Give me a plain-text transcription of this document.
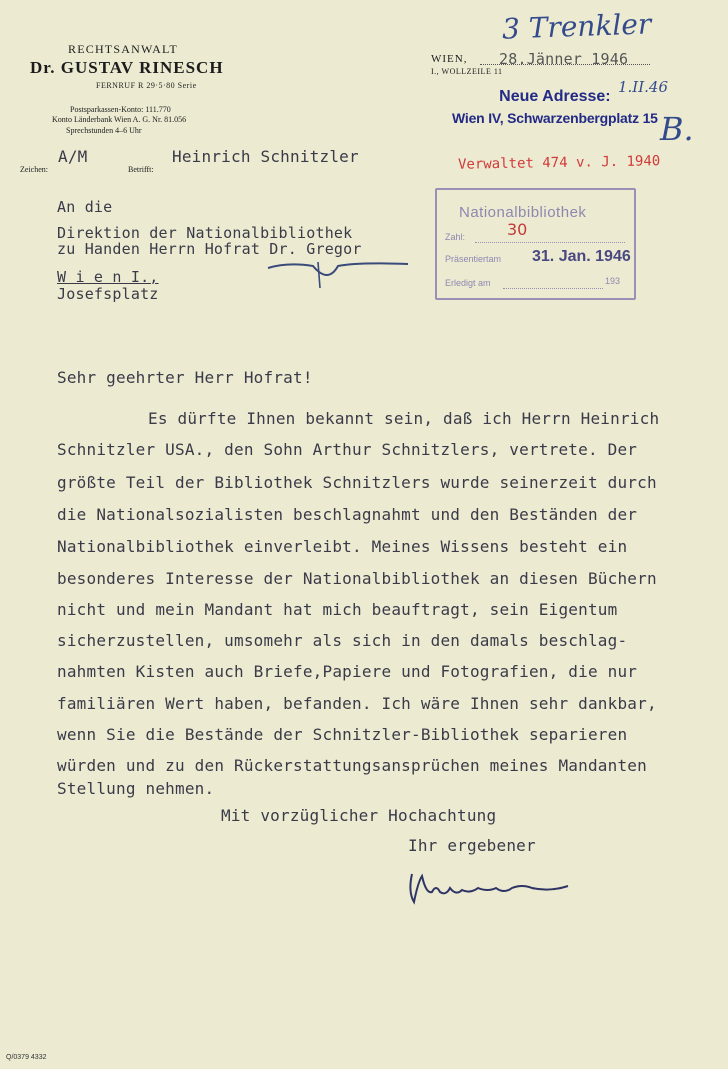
RECHTSANWALT
Dr. GUSTAV RINESCH
FERNRUF R 29·5·80 Serie
Postsparkassen-Konto: 111.770
Konto Länderbank Wien A. G. Nr. 81.056
Sprechstunden 4–6 Uhr
Zeichen:	Betrifft:
A/M	Heinrich Schnitzler
WIEN, 28.Jänner 1946
I., WOLLZEILE 11
Neue Adresse:
Wien IV, Schwarzenbergplatz 15
3 Trenkler
1.II.46
B.
Verwaltet 474 v. J. 1940
Nationalbibliothek
Zahl:	30
Präsentiertam 31. Jan. 1946
Erledigt am	193
An die
Direktion der Nationalbibliothek
zu Handen Herrn Hofrat Dr. Gregor
W i e n I.,
Josefsplatz
Sehr geehrter Herr Hofrat!
Es dürfte Ihnen bekannt sein, daß ich Herrn Heinrich
Schnitzler USA., den Sohn Arthur Schnitzlers, vertrete. Der
größte Teil der Bibliothek Schnitzlers wurde seinerzeit durch
die Nationalsozialisten beschlagnahmt und den Beständen der
Nationalbibliothek einverleibt. Meines Wissens besteht ein
besonderes Interesse der Nationalbibliothek an diesen Büchern
nicht und mein Mandant hat mich beauftragt, sein Eigentum
sicherzustellen, umsomehr als sich in den damals beschlag-
nahmten Kisten auch Briefe,Papiere und Fotografien, die nur
familiären Wert haben, befanden. Ich wäre Ihnen sehr dankbar,
wenn Sie die Bestände der Schnitzler-Bibliothek separieren
würden und zu den Rückerstattungsansprüchen meines Mandanten
Stellung nehmen.
Mit vorzüglicher Hochachtung
Ihr ergebener
Q/0379 4332
